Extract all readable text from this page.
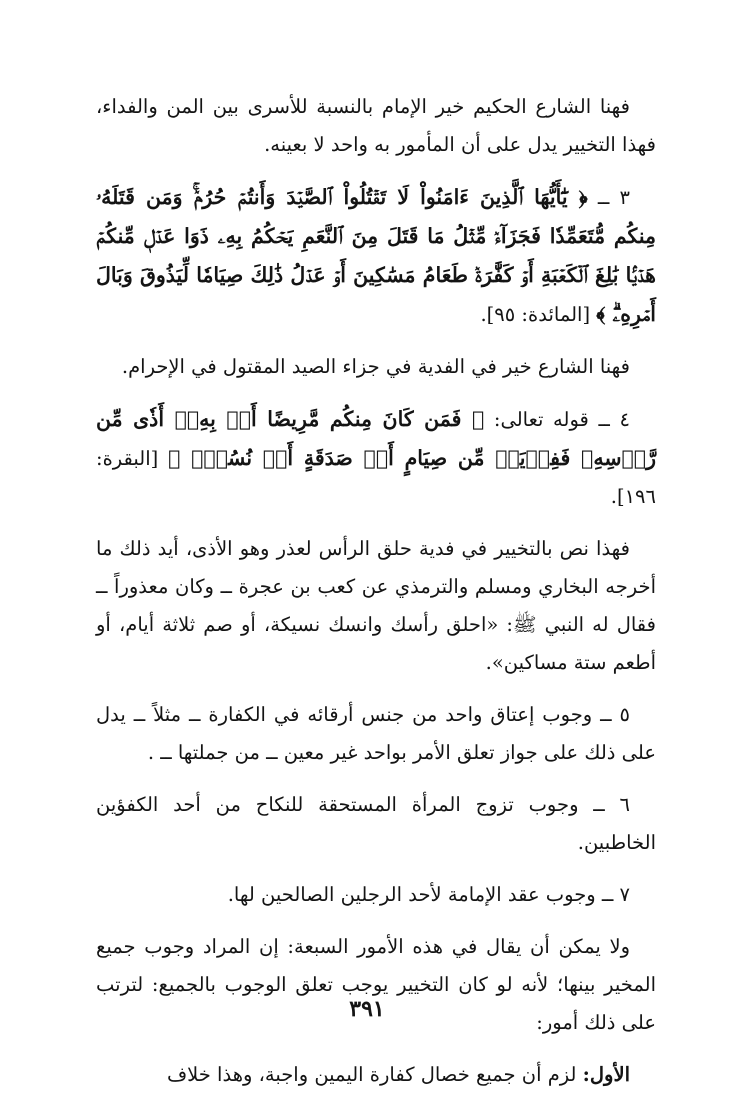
فهنا الشارع الحكيم خير الإمام بالنسبة للأسرى بين المن والفداء، فهذا التخيير يدل على أن المأمور به واحد لا بعينه.

٣ ــ ﴿ يَٰٓأَيُّهَا ٱلَّذِينَ ءَامَنُواْ لَا تَقۡتُلُواْ ٱلصَّيۡدَ وَأَنتُمۡ حُرُمٞۚ وَمَن قَتَلَهُۥ مِنكُم مُّتَعَمِّدٗا فَجَزَآءٞ مِّثۡلُ مَا قَتَلَ مِنَ ٱلنَّعَمِ يَحۡكُمُ بِهِۦ ذَوَا عَدۡلٖ مِّنكُمۡ هَدۡيَۢا بَٰلِغَ ٱلۡكَعۡبَةِ أَوۡ كَفَّٰرَةٞ طَعَامُ مَسَٰكِينَ أَوۡ عَدۡلُ ذَٰلِكَ صِيَامٗا لِّيَذُوقَ وَبَالَ أَمۡرِهِۦۗ ﴾ [المائدة: ٩٥].

فهنا الشارع خير في الفدية في جزاء الصيد المقتول في الإحرام.

٤ ــ قوله تعالى: ﴿ فَمَن كَانَ مِنكُم مَّرِيضًا أَوۡ بِهِۦٓ أَذٗى مِّن رَّأۡسِهِۦ فَفِدۡيَةٞ مِّن صِيَامٍ أَوۡ صَدَقَةٍ أَوۡ نُسُكٖۚ ﴾ [البقرة: ١٩٦].

فهذا نص بالتخيير في فدية حلق الرأس لعذر وهو الأذى، أيد ذلك ما أخرجه البخاري ومسلم والترمذي عن كعب بن عجرة ــ وكان معذوراً ــ فقال له النبي ﷺ: «احلق رأسك وانسك نسيكة، أو صم ثلاثة أيام، أو أطعم ستة مساكين».

٥ ــ وجوب إعتاق واحد من جنس أرقائه في الكفارة ــ مثلاً ــ يدل على ذلك على جواز تعلق الأمر بواحد غير معين ــ من جملتها ــ .

٦ ــ وجوب تزوج المرأة المستحقة للنكاح من أحد الكفؤين الخاطبين.

٧ ــ وجوب عقد الإمامة لأحد الرجلين الصالحين لها.

ولا يمكن أن يقال في هذه الأمور السبعة: إن المراد وجوب جميع المخير بينها؛ لأنه لو كان التخيير يوجب تعلق الوجوب بالجميع: لترتب على ذلك أمور:

الأول: لزم أن جميع خصال كفارة اليمين واجبة، وهذا خلاف

٣٩١
